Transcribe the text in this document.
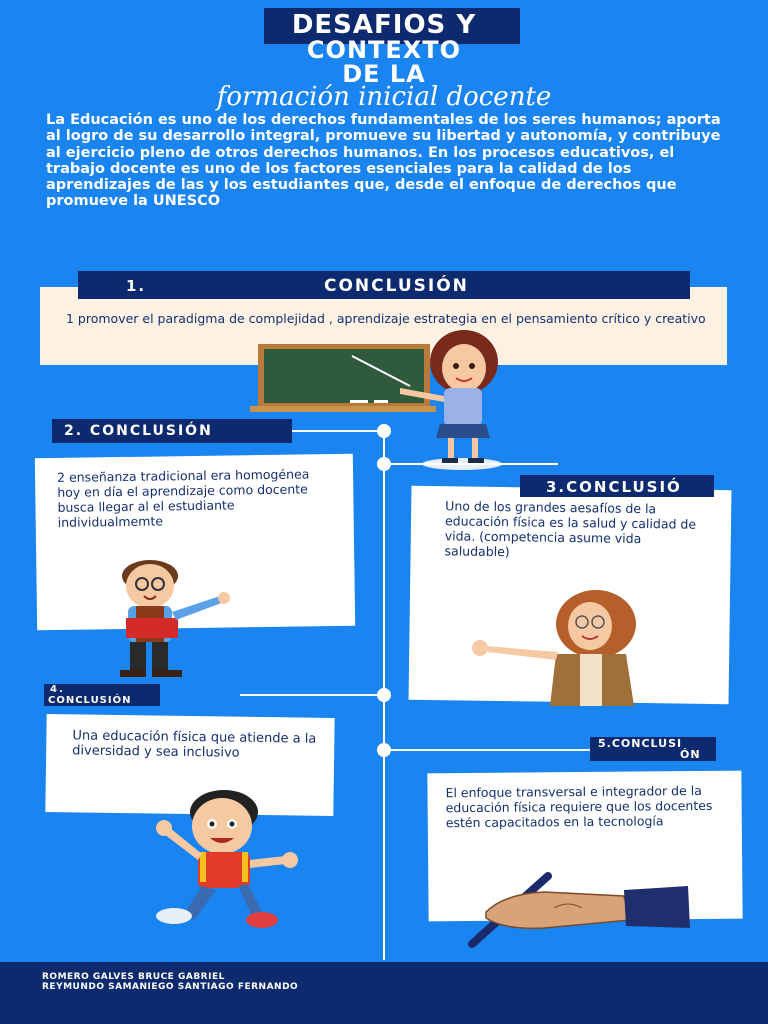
DESAFIOS Y
CONTEXTO
DE LA
formación inicial docente
La Educación es uno de los derechos fundamentales de los seres humanos; aporta al logro de su desarrollo integral, promueve su libertad y autonomía, y contribuye al ejercicio pleno de otros derechos humanos. En los procesos educativos, el trabajo docente es uno de los factores esenciales para la calidad de los aprendizajes de las y los estudiantes que, desde el enfoque de derechos que promueve la UNESCO
1 promover el paradigma de complejidad , aprendizaje estrategia en el pensamiento crítico y creativo
1.	CONCLUSIÓN
2. CONCLUSIÓN
2 enseñanza tradicional era homogénea hoy en día el aprendizaje como docente busca llegar al el estudiante individualmemte
Uno de los grandes aesafíos de la educación física es la salud y calidad de vida. (competencia asume vida saludable)
3.CONCLUSIÓ
4.
CONCLUSIÓN
Una educación física que atiende a la diversidad y sea inclusivo	5.CONCLUSI
ÓN
El enfoque transversal e integrador de la educación física requiere que los docentes estén capacitados en la tecnología
ROMERO GALVES BRUCE GABRIEL
REYMUNDO SAMANIEGO SANTIAGO FERNANDO
